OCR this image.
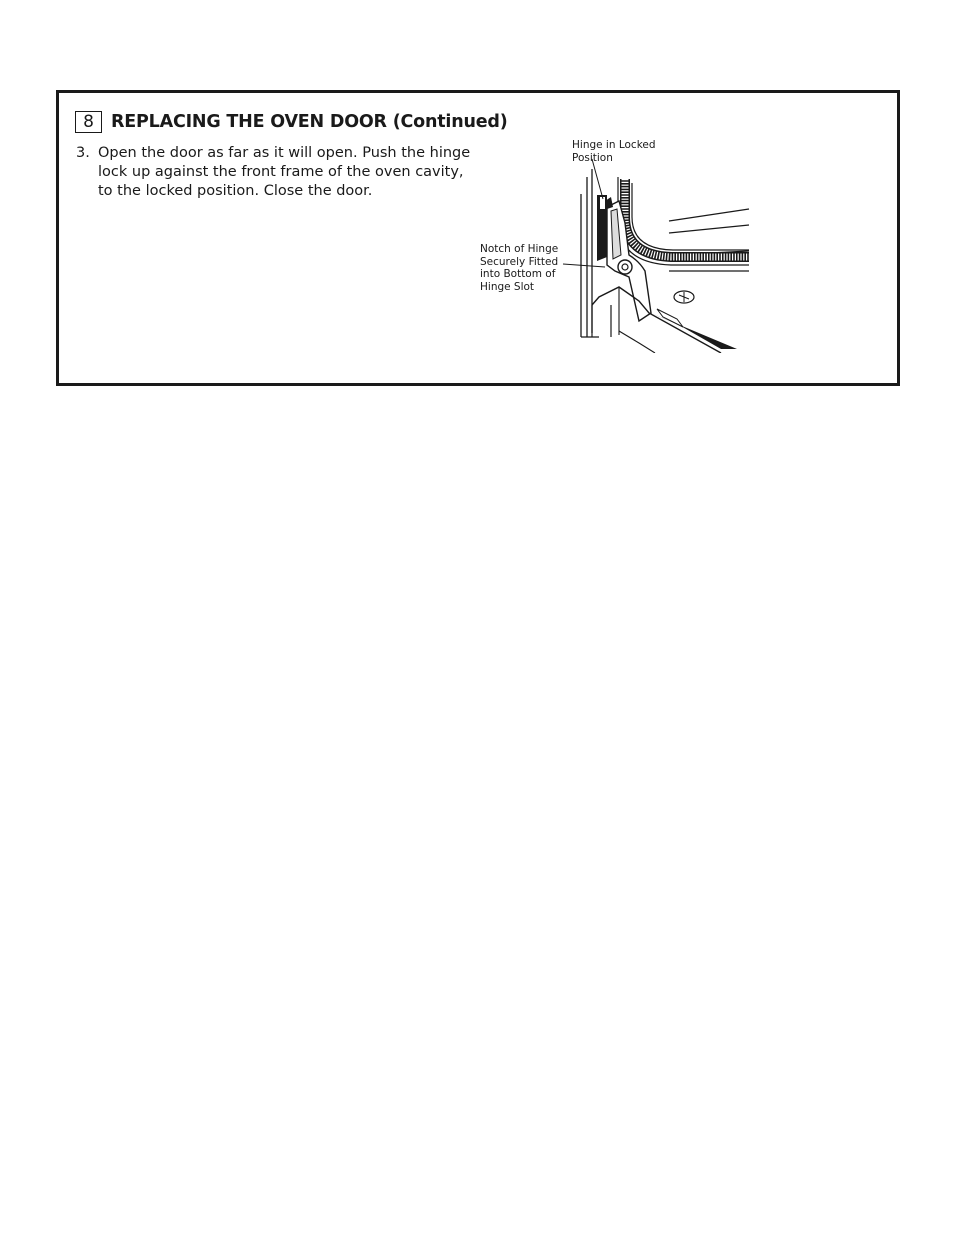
8 REPLACING THE OVEN DOOR (Continued)
3. Open the door as far as it will open. Push the hinge lock up against the front frame of the oven cavity, to the locked position. Close the door.
Hinge in Locked
Position
Notch of Hinge
Securely Fitted
into Bottom of
Hinge Slot
